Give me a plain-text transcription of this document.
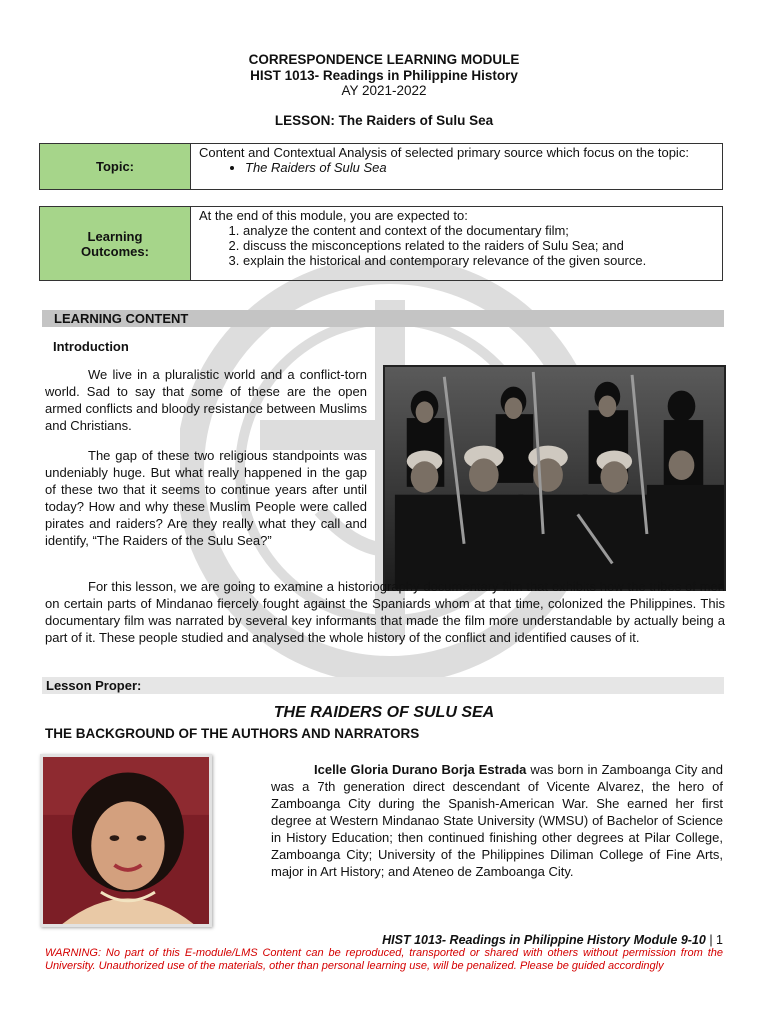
CORRESPONDENCE LEARNING MODULE
HIST 1013- Readings in Philippine History
AY 2021-2022
LESSON: The Raiders of Sulu Sea
Topic:	
Content and Contextual Analysis of selected primary source which focus on the topic:
• The Raiders of Sulu Sea
Learning
Outcomes:	
At the end of this module, you are expected to:
1. analyze the content and context of the documentary film;
2. discuss the misconceptions related to the raiders of Sulu Sea; and
3. explain the historical and contemporary relevance of the given source.
LEARNING CONTENT
Introduction
We live in a pluralistic world and a conflict-torn world. Sad to say that some of these are the open armed conflicts and bloody resistance between Muslims and Christians.
The gap of these two religious standpoints was undeniably huge. But what really happened in the gap of these two that it seems to continue years after until today? How and why these Muslim People were called pirates and raiders? Are they really what they call and identify, “The Raiders of the Sulu Sea?”
For this lesson, we are going to examine a historiography documentary film that exhibits how the tribes of men on certain parts of Mindanao fiercely fought against the Spaniards whom at that time, colonized the Philippines. This documentary film was narrated by several key informants that made the film more understandable by actually being a part of it. These people studied and analysed the whole history of the conflict and identified causes of it.
Lesson Proper:
THE RAIDERS OF SULU SEA
THE BACKGROUND OF THE AUTHORS AND NARRATORS
Icelle Gloria Durano Borja Estrada was born in Zamboanga City and was a 7th generation direct descendant of Vicente Alvarez, the hero of Zamboanga City during the Spanish-American War. She earned her first degree at Western Mindanao State University (WMSU) of Bachelor of Science in History Education; then continued finishing other degrees at Pilar College, Zamboanga City; University of the Philippines Diliman College of Fine Arts, major in Art History; and Ateneo de Zamboanga City.
HIST 1013- Readings in Philippine History Module 9-10 | 1
WARNING: No part of this E-module/LMS Content can be reproduced, transported or shared with others without permission from the University. Unauthorized use of the materials, other than personal learning use, will be penalized. Please be guided accordingly
